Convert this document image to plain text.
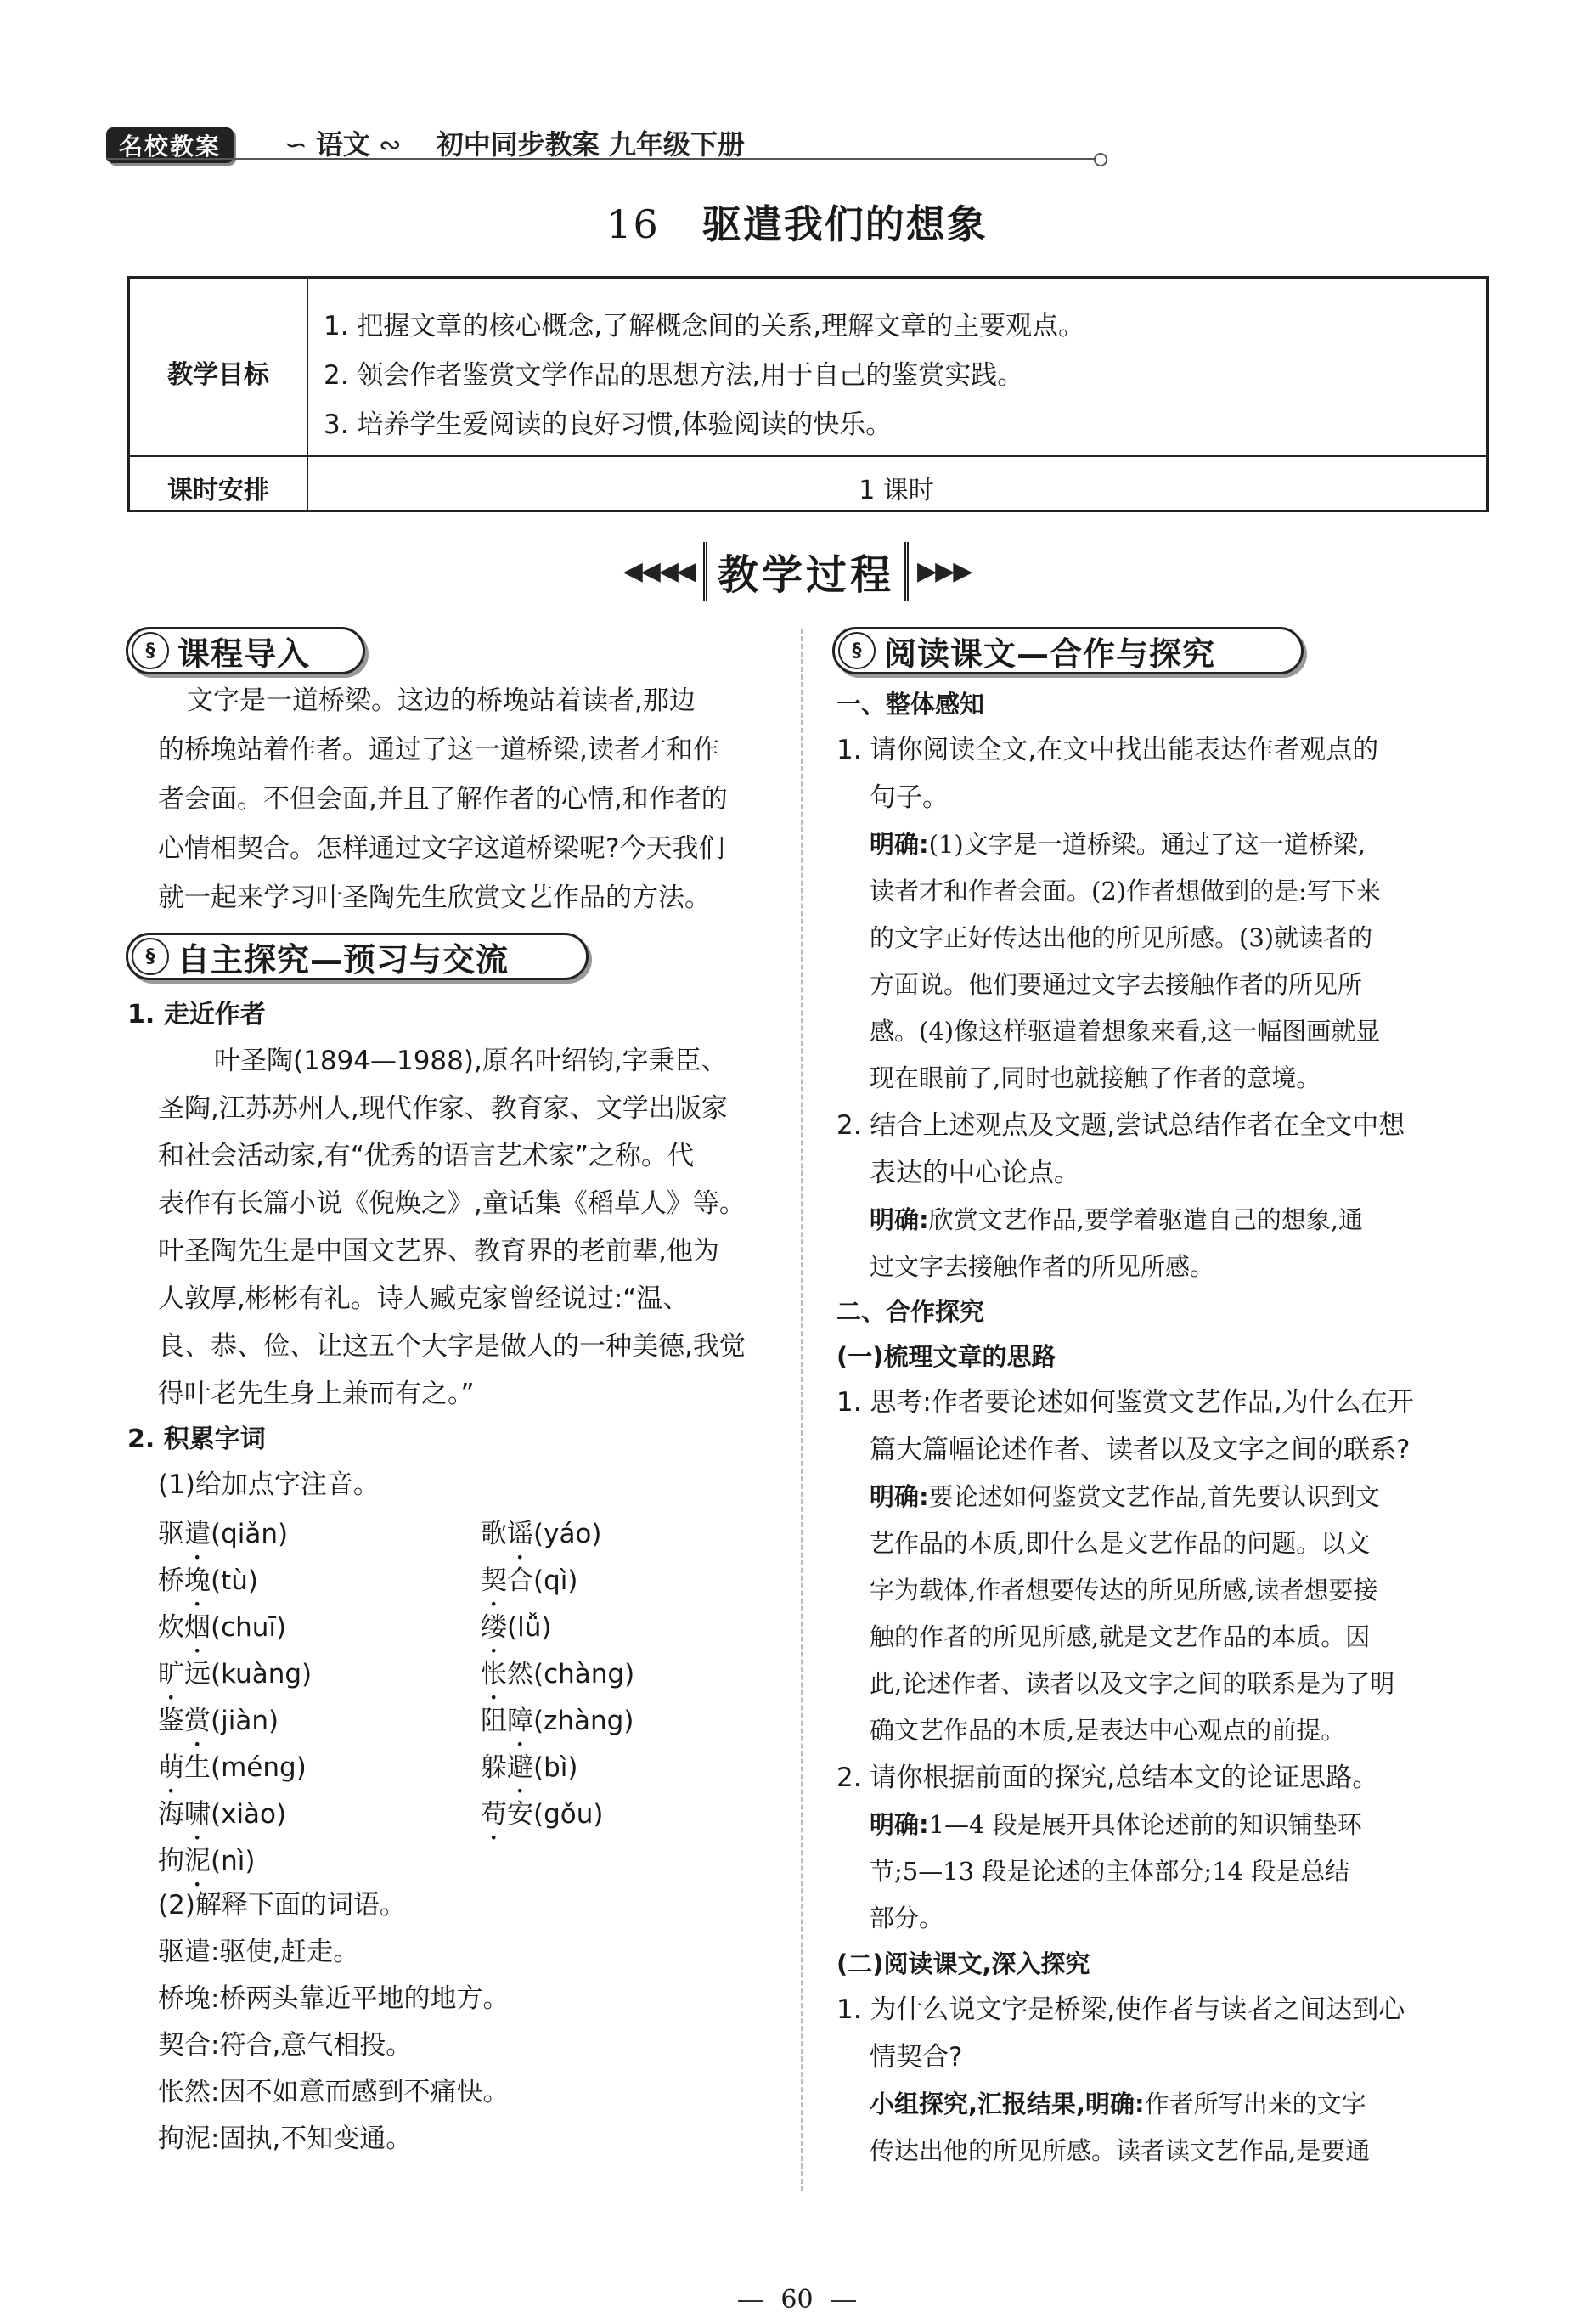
名校教案	∽ 语文 ∾ 初中同步教案 九年级下册
16 驱遣我们的想象
教学目标
1. 把握文章的核心概念,了解概念间的关系,理解文章的主要观点。
2. 领会作者鉴赏文学作品的思想方法,用于自己的鉴赏实践。
3. 培养学生爱阅读的良好习惯,体验阅读的快乐。
课时安排	1 课时
◀◀◀◀ 教学过程 ▶▶▶
§ 课程导入
文字是一道桥梁。这边的桥堍站着读者,那边
的桥堍站着作者。通过了这一道桥梁,读者才和作
者会面。不但会面,并且了解作者的心情,和作者的
心情相契合。怎样通过文字这道桥梁呢?今天我们
就一起来学习叶圣陶先生欣赏文艺作品的方法。
§ 自主探究—预习与交流
1. 走近作者
叶圣陶(1894—1988),原名叶绍钧,字秉臣、
圣陶,江苏苏州人,现代作家、教育家、文学出版家
和社会活动家,有“优秀的语言艺术家”之称。代
表作有长篇小说《倪焕之》,童话集《稻草人》等。
叶圣陶先生是中国文艺界、教育界的老前辈,他为
人敦厚,彬彬有礼。诗人臧克家曾经说过:“温、
良、恭、俭、让这五个大字是做人的一种美德,我觉
得叶老先生身上兼而有之。”
2. 积累字词
(1)给加点字注音。
驱遣(qiǎn)
桥堍(tù)
炊烟(chuī)
旷远(kuàng)
鉴赏(jiàn)
萌生(méng)
海啸(xiào)
拘泥(nì)
歌谣(yáo)
契合(qì)
缕(lǚ)
怅然(chàng)
阻障(zhàng)
躲避(bì)
苟安(gǒu)
(2)解释下面的词语。
驱遣:驱使,赶走。
桥堍:桥两头靠近平地的地方。
契合:符合,意气相投。
怅然:因不如意而感到不痛快。
拘泥:固执,不知变通。
§ 阅读课文—合作与探究
一、整体感知
1. 请你阅读全文,在文中找出能表达作者观点的
句子。
明确:(1)文字是一道桥梁。通过了这一道桥梁,
读者才和作者会面。(2)作者想做到的是:写下来
的文字正好传达出他的所见所感。(3)就读者的
方面说。他们要通过文字去接触作者的所见所
感。(4)像这样驱遣着想象来看,这一幅图画就显
现在眼前了,同时也就接触了作者的意境。
2. 结合上述观点及文题,尝试总结作者在全文中想
表达的中心论点。
明确:欣赏文艺作品,要学着驱遣自己的想象,通
过文字去接触作者的所见所感。
二、合作探究
(一)梳理文章的思路
1. 思考:作者要论述如何鉴赏文艺作品,为什么在开
篇大篇幅论述作者、读者以及文字之间的联系?
明确:要论述如何鉴赏文艺作品,首先要认识到文
艺作品的本质,即什么是文艺作品的问题。以文
字为载体,作者想要传达的所见所感,读者想要接
触的作者的所见所感,就是文艺作品的本质。因
此,论述作者、读者以及文字之间的联系是为了明
确文艺作品的本质,是表达中心观点的前提。
2. 请你根据前面的探究,总结本文的论证思路。
明确:1—4 段是展开具体论述前的知识铺垫环
节;5—13 段是论述的主体部分;14 段是总结
部分。
(二)阅读课文,深入探究
1. 为什么说文字是桥梁,使作者与读者之间达到心
情契合?
小组探究,汇报结果,明确:作者所写出来的文字
传达出他的所见所感。读者读文艺作品,是要通
60
